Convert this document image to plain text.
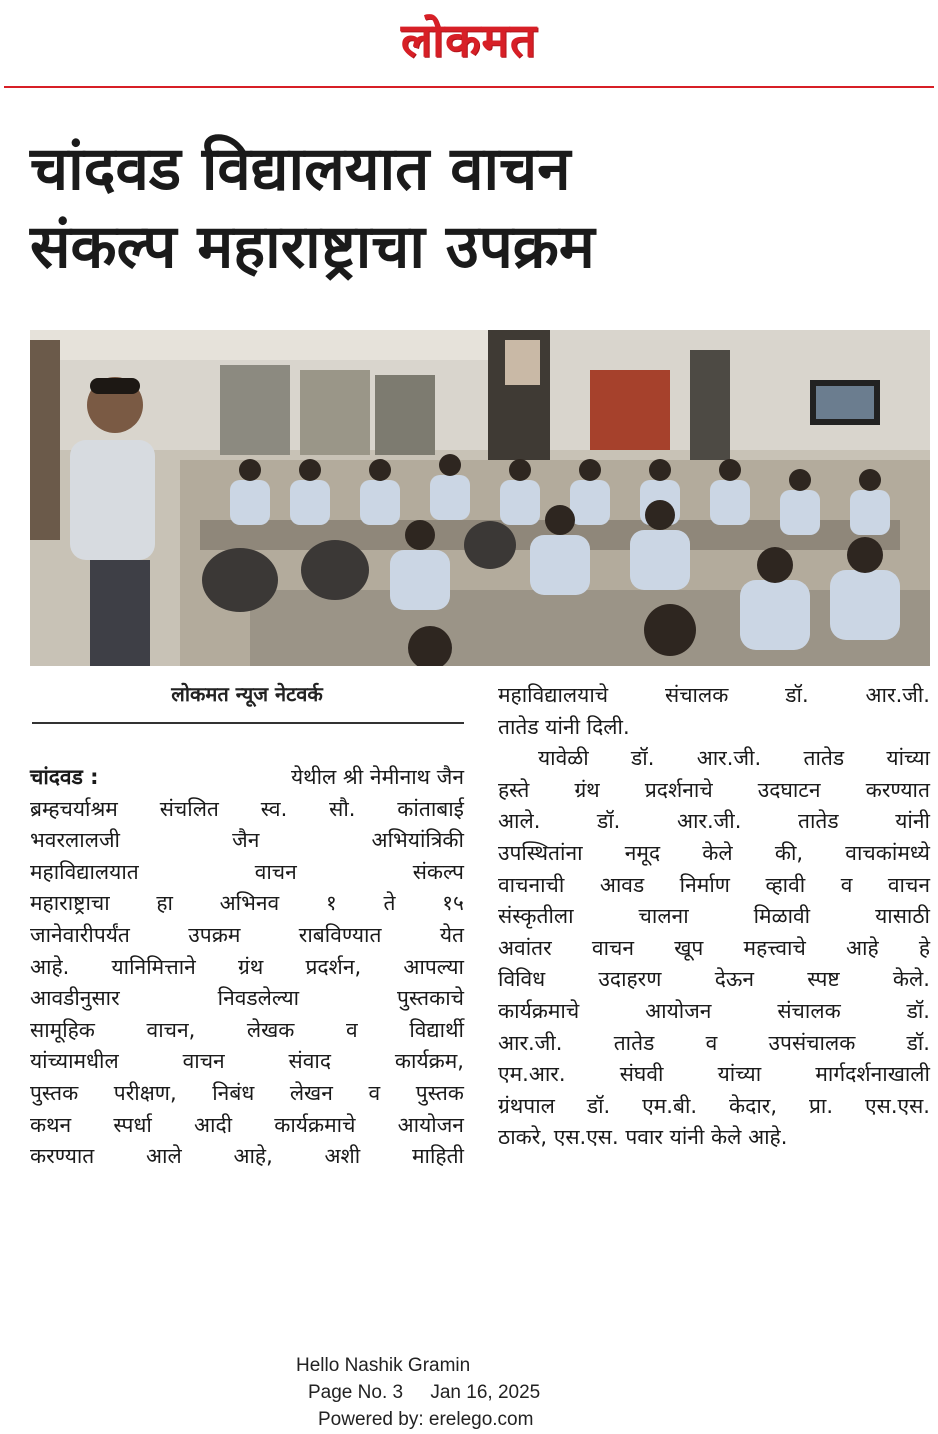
लोकमत
चांदवड विद्यालयात वाचन
संकल्प महाराष्ट्राचा उपक्रम
लोकमत न्यूज नेटवर्क
चांदवड :	येथील श्री नेमीनाथ जैन
ब्रम्हचर्याश्रम संचलित स्व. सौ. कांताबाई
भवरलालजी	जैन	अभियांत्रिकी
महाविद्यालयात	वाचन	संकल्प
महाराष्ट्राचा हा अभिनव १ ते १५
जानेवारीपर्यंत	उपक्रम	राबविण्यात	येत
आहे. यानिमित्ताने ग्रंथ प्रदर्शन, आपल्या
आवडीनुसार	निवडलेल्या	पुस्तकाचे
सामूहिक वाचन, लेखक व विद्यार्थी
यांच्यामधील	वाचन	संवाद	कार्यक्रम,
पुस्तक परीक्षण, निबंध लेखन व पुस्तक
कथन स्पर्धा आदी कार्यक्रमाचे आयोजन
करण्यात आले आहे, अशी माहिती
महाविद्यालयाचे	संचालक	डॉ.	आर.जी.
तातेड यांनी दिली.
यावेळी डॉ. आर.जी. तातेड यांच्या
हस्ते ग्रंथ प्रदर्शनाचे उदघाटन करण्यात
आले.	डॉ.	आर.जी.	तातेड	यांनी
उपस्थितांना नमूद केले की, वाचकांमध्ये
वाचनाची आवड निर्माण व्हावी व वाचन
संस्कृतीला	चालना	मिळावी	यासाठी
अवांतर वाचन खूप महत्त्वाचे आहे हे
विविध	उदाहरण	देऊन	स्पष्ट	केले.
कार्यक्रमाचे	आयोजन	संचालक	डॉ.
आर.जी. तातेड व उपसंचालक डॉ.
एम.आर.	संघवी	यांच्या	मार्गदर्शनाखाली
ग्रंथपाल डॉ. एम.बी. केदार, प्रा. एस.एस.
ठाकरे, एस.एस. पवार यांनी केले आहे.
Hello Nashik Gramin
Page No. 3 Jan 16, 2025
Powered by: erelego.com
